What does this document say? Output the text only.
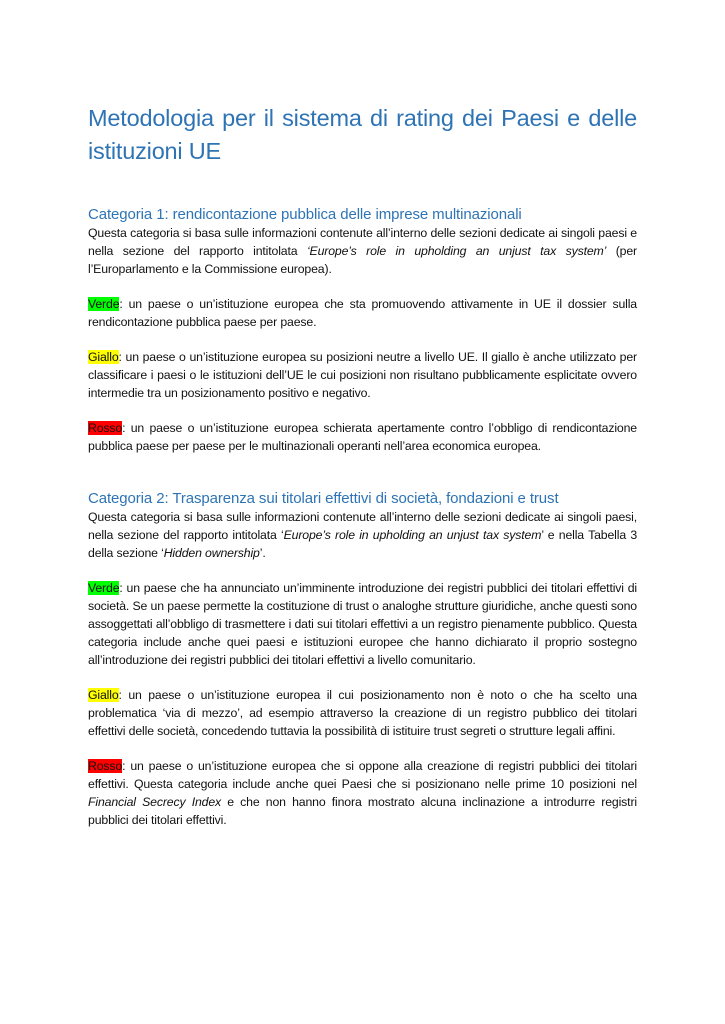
Metodologia per il sistema di rating dei Paesi e delle istituzioni UE
Categoria 1: rendicontazione pubblica delle imprese multinazionali

Questa categoria si basa sulle informazioni contenute all’interno delle sezioni dedicate ai singoli paesi e nella sezione del rapporto intitolata ‘Europe’s role in upholding an unjust tax system’ (per l’Europarlamento e la Commissione europea).

Verde: un paese o un’istituzione europea che sta promuovendo attivamente in UE il dossier sulla rendicontazione pubblica paese per paese.

Giallo: un paese o un’istituzione europea su posizioni neutre a livello UE. Il giallo è anche utilizzato per classificare i paesi o le istituzioni dell’UE le cui posizioni non risultano pubblicamente esplicitate ovvero intermedie tra un posizionamento positivo e negativo.

Rosso: un paese o un’istituzione europea schierata apertamente contro l’obbligo di rendicontazione pubblica paese per paese per le multinazionali operanti nell’area economica europea.

Categoria 2: Trasparenza sui titolari effettivi di società, fondazioni e trust

Questa categoria si basa sulle informazioni contenute all’interno delle sezioni dedicate ai singoli paesi, nella sezione del rapporto intitolata ‘Europe’s role in upholding an unjust tax system’ e nella Tabella 3 della sezione ‘Hidden ownership’.

Verde: un paese che ha annunciato un’imminente introduzione dei registri pubblici dei titolari effettivi di società. Se un paese permette la costituzione di trust o analoghe strutture giuridiche, anche questi sono assoggettati all’obbligo di trasmettere i dati sui titolari effettivi a un registro pienamente pubblico. Questa categoria include anche quei paesi e istituzioni europee che hanno dichiarato il proprio sostegno all’introduzione dei registri pubblici dei titolari effettivi a livello comunitario.

Giallo: un paese o un’istituzione europea il cui posizionamento non è noto o che ha scelto una problematica ‘via di mezzo’, ad esempio attraverso la creazione di un registro pubblico dei titolari effettivi delle società, concedendo tuttavia la possibilità di istituire trust segreti o strutture legali affini.

Rosso: un paese o un’istituzione europea che si oppone alla creazione di registri pubblici dei titolari effettivi. Questa categoria include anche quei Paesi che si posizionano nelle prime 10 posizioni nel Financial Secrecy Index e che non hanno finora mostrato alcuna inclinazione a introdurre registri pubblici dei titolari effettivi.
